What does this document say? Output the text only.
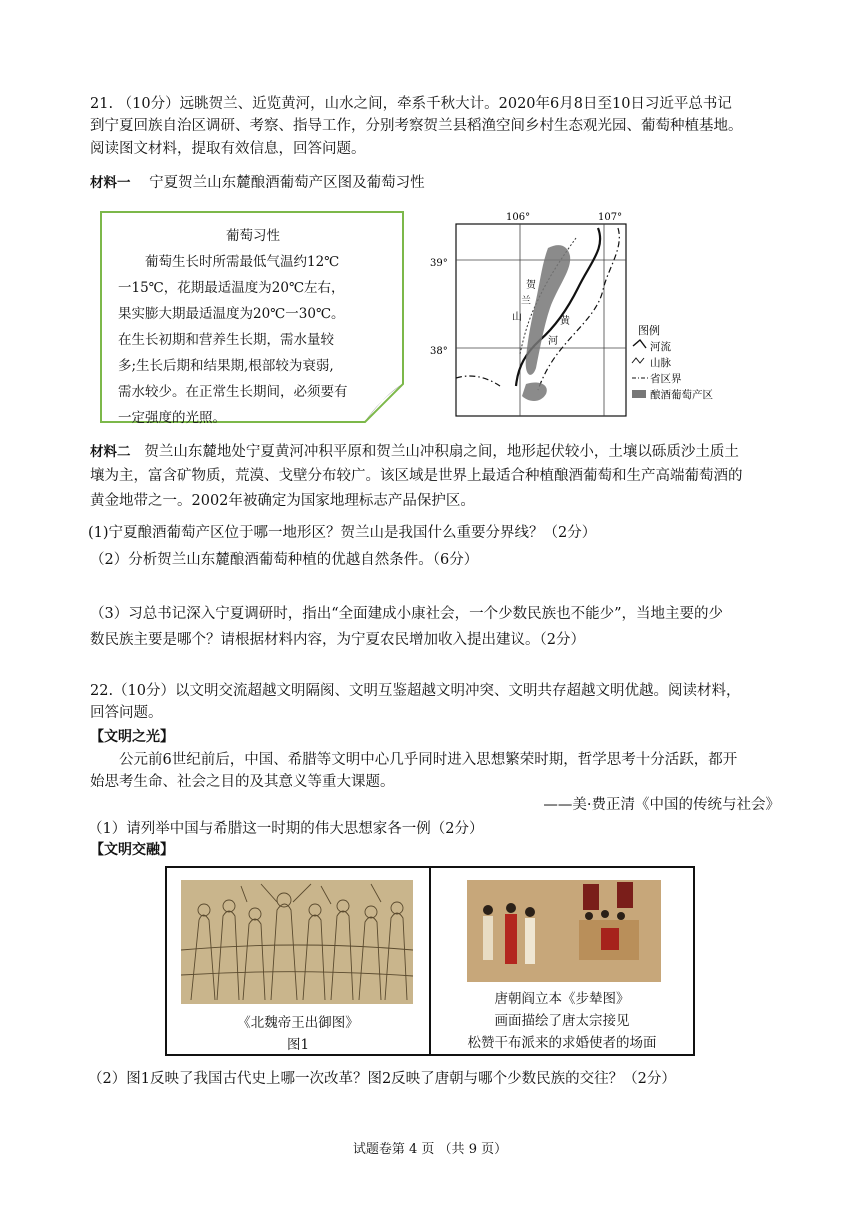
21. （10分）远眺贺兰、近览黄河，山水之间，牵系千秋大计。2020年6月8日至10日习近平总书记

到宁夏回族自治区调研、考察、指导工作，分别考察贺兰县稻渔空间乡村生态观光园、葡萄种植基地。

阅读图文材料，提取有效信息，回答问题。

材料一 宁夏贺兰山东麓酿酒葡萄产区图及葡萄习性

葡萄习性

葡萄生长时所需最低气温约12℃

一15℃，花期最适温度为20℃左右，

果实膨大期最适温度为20℃一30℃。

在生长初期和营养生长期，需水量较

多;生长后期和结果期,根部较为衰弱,

需水较少。在正常生长期间，必须要有

一定强度的光照。

106°	107°
39°
38°
贺
兰
山	黄
河
图例
河流
山脉
省区界
酿酒葡萄产区

材料二 贺兰山东麓地处宁夏黄河冲积平原和贺兰山冲积扇之间，地形起伏较小，土壤以砾质沙土质土

壤为主，富含矿物质，荒漠、戈壁分布较广。该区域是世界上最适合种植酿酒葡萄和生产高端葡萄酒的

黄金地带之一。2002年被确定为国家地理标志产品保护区。

(1)宁夏酿酒葡萄产区位于哪一地形区？贺兰山是我国什么重要分界线？（2分）
（2）分析贺兰山东麓酿酒葡萄种植的优越自然条件。（6分）

（3）习总书记深入宁夏调研时，指出“全面建成小康社会，一个少数民族也不能少”，当地主要的少

数民族主要是哪个？请根据材料内容，为宁夏农民增加收入提出建议。（2分）

22.（10分）以文明交流超越文明隔阂、文明互鉴超越文明冲突、文明共存超越文明优越。阅读材料，

回答问题。

【文明之光】

公元前6世纪前后，中国、希腊等文明中心几乎同时进入思想繁荣时期，哲学思考十分活跃，都开

始思考生命、社会之目的及其意义等重大课题。

——美·费正清《中国的传统与社会》

（1）请列举中国与希腊这一时期的伟大思想家各一例（2分）
【文明交融】

《北魏帝王出御图》

图1

唐朝阎立本《步辇图》

画面描绘了唐太宗接见

松赞干布派来的求婚使者的场面

（2）图1反映了我国古代史上哪一次改革？图2反映了唐朝与哪个少数民族的交往？（2分）
试题卷第 4 页 （共 9 页）
